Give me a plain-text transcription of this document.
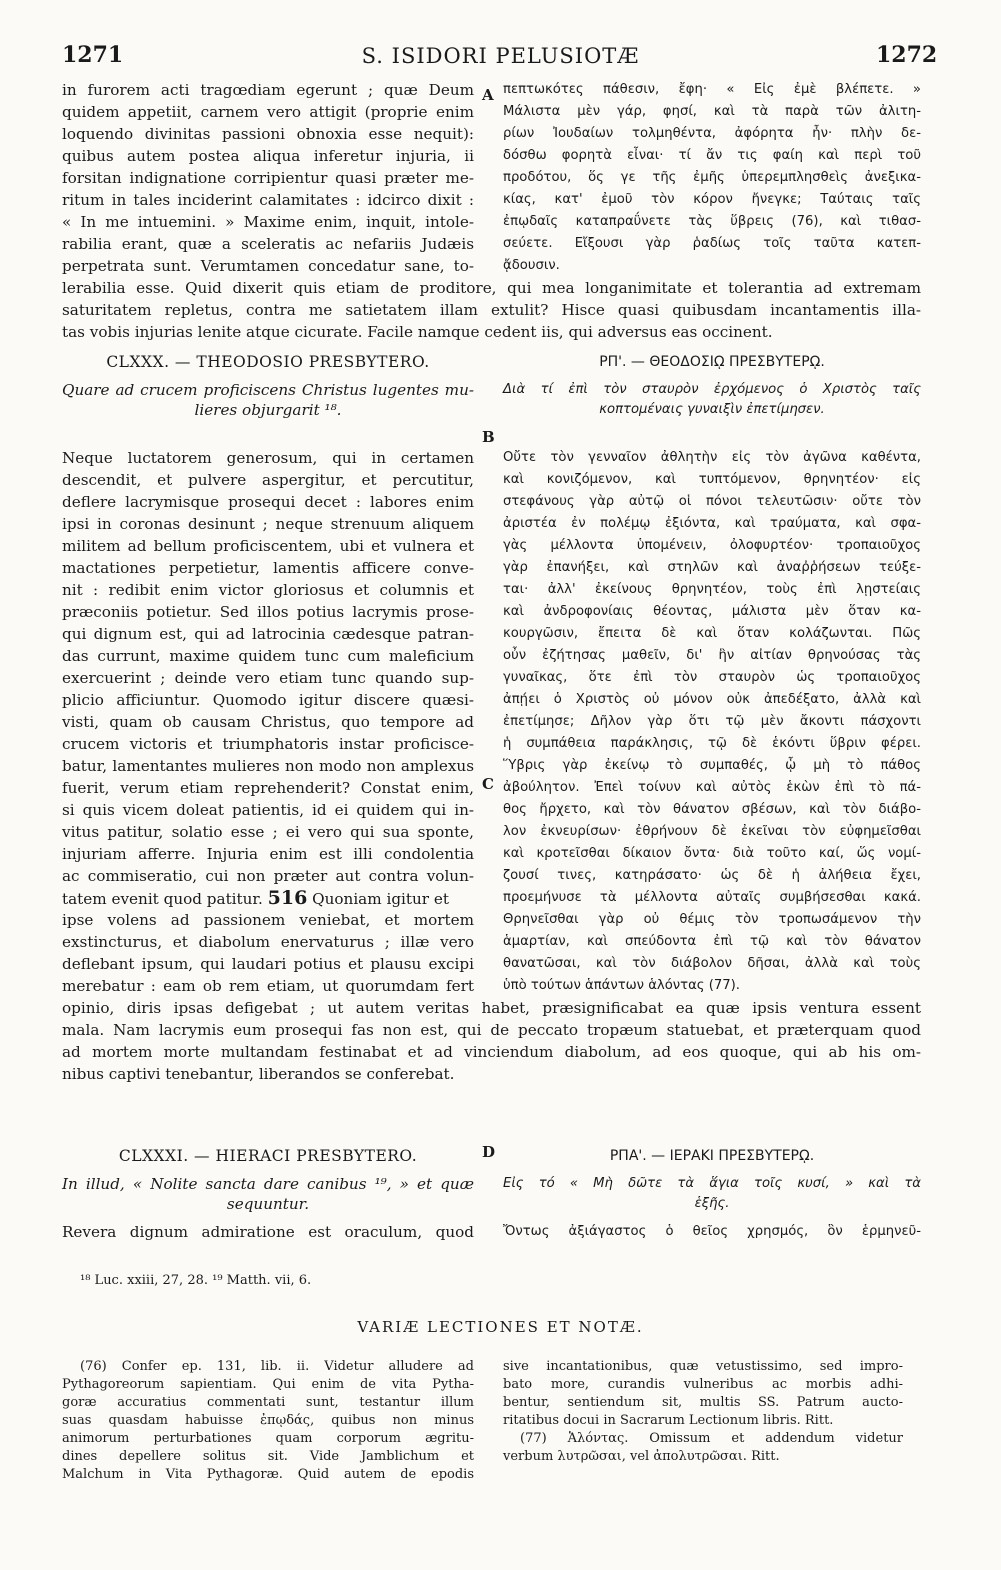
1271	S. ISIDORI PELUSIOTÆ	1272
A
B
C
D
in furorem acti tragœdiam egerunt ; quæ Deum
quidem appetiit, carnem vero attigit (proprie enim
loquendo divinitas passioni obnoxia esse nequit):
quibus autem postea aliqua inferetur injuria, ii
forsitan indignatione corripientur quasi præter me-
ritum in tales inciderint calamitates : idcirco dixit :
« In me intuemini. » Maxime enim, inquit, intole-
rabilia erant, quæ a sceleratis ac nefariis Judæis
perpetrata sunt. Verumtamen concedatur sane, to-
πεπτωκότες πάθεσιν, ἔφη· « Εἰς ἐμὲ βλέπετε. »
Μάλιστα μὲν γάρ, φησί, καὶ τὰ παρὰ τῶν ἀλιτη-
ρίων Ἰουδαίων τολμηθέντα, ἀφόρητα ἦν· πλὴν δε-
δόσθω φορητὰ εἶναι· τί ἄν τις φαίη καὶ περὶ τοῦ
προδότου, ὅς γε τῆς ἐμῆς ὑπερεμπλησθεὶς ἀνεξικα-
κίας, κατ' ἐμοῦ τὸν κόρον ἤνεγκε; Ταύταις ταῖς
ἐπῳδαῖς καταπραΰνετε τὰς ὕβρεις (76), καὶ τιθασ-
σεύετε. Εἴξουσι γὰρ ῥαδίως τοῖς ταῦτα κατεπ-
ᾄδουσιν.
lerabilia esse. Quid dixerit quis etiam de proditore, qui mea longanimitate et tolerantia ad extremam
saturitatem repletus, contra me satietatem illam extulit? Hisce quasi quibusdam incantamentis illa-
tas vobis injurias lenite atque cicurate. Facile namque cedent iis, qui adversus eas occinent.
CLXXX. — THEODOSIO PRESBYTERO.	ΡΠ'. — ΘΕΟΔΟΣΙῼ ΠΡΕΣΒΥΤΕΡῼ.
Quare ad crucem proficiscens Christus lugentes mu-
lieres objurgarit ¹⁸.
Διὰ τί ἐπὶ τὸν σταυρὸν ἐρχόμενος ὁ Χριστὸς ταῖς
κοπτομέναις γυναιξὶν ἐπετίμησεν.
Neque luctatorem generosum, qui in certamen
descendit, et pulvere aspergitur, et percutitur,
deflere lacrymisque prosequi decet : labores enim
ipsi in coronas desinunt ; neque strenuum aliquem
militem ad bellum proficiscentem, ubi et vulnera et
mactationes perpetietur, lamentis afficere conve-
nit : redibit enim victor gloriosus et columnis et
præconiis potietur. Sed illos potius lacrymis prose-
qui dignum est, qui ad latrocinia cædesque patran-
das currunt, maxime quidem tunc cum maleficium
exercuerint ; deinde vero etiam tunc quando sup-
plicio afficiuntur. Quomodo igitur discere quæsi-
visti, quam ob causam Christus, quo tempore ad
crucem victoris et triumphatoris instar proficisce-
batur, lamentantes mulieres non modo non amplexus
fuerit, verum etiam reprehenderit? Constat enim,
si quis vicem doleat patientis, id ei quidem qui in-
vitus patitur, solatio esse ; ei vero qui sua sponte,
injuriam afferre. Injuria enim est illi condolentia
ac commiseratio, cui non præter aut contra volun-
tatem evenit quod patitur. 516 Quoniam igitur et
ipse volens ad passionem veniebat, et mortem
exstincturus, et diabolum enervaturus ; illæ vero
deflebant ipsum, qui laudari potius et plausu excipi
merebatur : eam ob rem etiam, ut quorumdam fert
Οὔτε τὸν γενναῖον ἀθλητὴν εἰς τὸν ἀγῶνα καθέντα,
καὶ κονιζόμενον, καὶ τυπτόμενον, θρηνητέον· εἰς
στεφάνους γὰρ αὐτῷ οἱ πόνοι τελευτῶσιν· οὔτε τὸν
ἀριστέα ἐν πολέμῳ ἐξιόντα, καὶ τραύματα, καὶ σφα-
γὰς μέλλοντα ὑπομένειν, ὀλοφυρτέον· τροπαιοῦχος
γὰρ ἐπανήξει, καὶ στηλῶν καὶ ἀναῤῥήσεων τεύξε-
ται· ἀλλ' ἐκείνους θρηνητέον, τοὺς ἐπὶ λῃστείαις
καὶ ἀνδροφονίαις θέοντας, μάλιστα μὲν ὅταν κα-
κουργῶσιν, ἔπειτα δὲ καὶ ὅταν κολάζωνται. Πῶς
οὖν ἐζήτησας μαθεῖν, δι' ἣν αἰτίαν θρηνούσας τὰς
γυναῖκας, ὅτε ἐπὶ τὸν σταυρὸν ὡς τροπαιοῦχος
ἀπῄει ὁ Χριστὸς οὐ μόνον οὐκ ἀπεδέξατο, ἀλλὰ καὶ
ἐπετίμησε; Δῆλον γὰρ ὅτι τῷ μὲν ἄκοντι πάσχοντι
ἡ συμπάθεια παράκλησις, τῷ δὲ ἑκόντι ὕβριν φέρει.
Ὕβρις γὰρ ἐκείνῳ τὸ συμπαθές, ᾧ μὴ τὸ πάθος
ἀβούλητον. Ἐπεὶ τοίνυν καὶ αὐτὸς ἑκὼν ἐπὶ τὸ πά-
θος ἤρχετο, καὶ τὸν θάνατον σβέσων, καὶ τὸν διάβο-
λον ἐκνευρίσων· ἐθρήνουν δὲ ἐκεῖναι τὸν εὐφημεῖσθαι
καὶ κροτεῖσθαι δίκαιον ὄντα· διὰ τοῦτο καί, ὥς νομί-
ζουσί τινες, κατηράσατο· ὡς δὲ ἡ ἀλήθεια ἔχει,
προεμήνυσε τὰ μέλλοντα αὐταῖς συμβήσεσθαι κακά.
Θρηνεῖσθαι γὰρ οὐ θέμις τὸν τροπωσάμενον τὴν
ἁμαρτίαν, καὶ σπεύδοντα ἐπὶ τῷ καὶ τὸν θάνατον
θανατῶσαι, καὶ τὸν διάβολον δῆσαι, ἀλλὰ καὶ τοὺς
ὑπὸ τούτων ἁπάντων ἁλόντας (77).
opinio, diris ipsas defigebat ; ut autem veritas habet, præsignificabat ea quæ ipsis ventura essent
mala. Nam lacrymis eum prosequi fas non est, qui de peccato tropæum statuebat, et præterquam quod
ad mortem morte multandam festinabat et ad vinciendum diabolum, ad eos quoque, qui ab his om-
nibus captivi tenebantur, liberandos se conferebat.
CLXXXI. — HIERACI PRESBYTERO.	ΡΠΑ'. — ΙΕΡΑΚΙ ΠΡΕΣΒΥΤΕΡῼ.
In illud, « Nolite sancta dare canibus ¹⁹, » et quæ
sequuntur.
Εἰς τό « Μὴ δῶτε τὰ ἅγια τοῖς κυσί, » καὶ τὰ
ἑξῆς.
Revera dignum admiratione est oraculum, quod Ὄντως ἀξιάγαστος ὁ θεῖος χρησμός, ὃν ἑρμηνεῦ-
¹⁸ Luc. xxiii, 27, 28. ¹⁹ Matth. vii, 6.
VARIÆ LECTIONES ET NOTÆ.
(76) Confer ep. 131, lib. ii. Videtur alludere ad
Pythagoreorum sapientiam. Qui enim de vita Pytha-
goræ accuratius commentati sunt, testantur illum
suas quasdam habuisse ἐπῳδάς, quibus non minus
animorum perturbationes quam corporum ægritu-
dines depellere solitus sit. Vide Jamblichum et
Malchum in Vita Pythagoræ. Quid autem de epodis
sive incantationibus, quæ vetustissimo, sed impro-
bato more, curandis vulneribus ac morbis adhi-
bentur, sentiendum sit, multis SS. Patrum aucto-
ritatibus docui in Sacrarum Lectionum libris. Ritt.
(77) Ἁλόντας. Omissum et addendum videtur
verbum λυτρῶσαι, vel ἀπολυτρῶσαι. Ritt.
